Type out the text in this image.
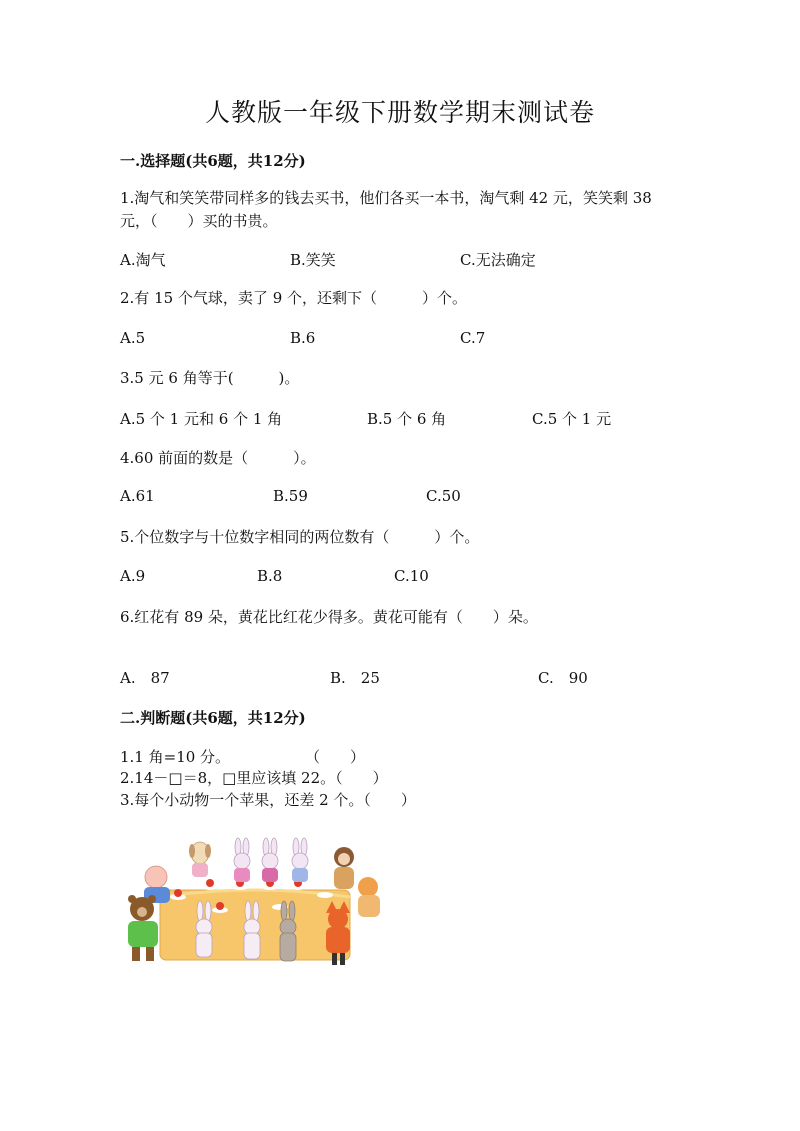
人教版一年级下册数学期末测试卷
一.选择题(共6题，共12分)
1.淘气和笑笑带同样多的钱去买书，他们各买一本书，淘气剩 42 元，笑笑剩 38 元，（　　）买的书贵。
A.淘气	B.笑笑	C.无法确定
2.有 15 个气球，卖了 9 个，还剩下（　　　）个。
A.5	B.6	C.7
3.5 元 6 角等于(　　　)。
A.5 个 1 元和 6 个 1 角	B.5 个 6 角	C.5 个 1 元
4.60 前面的数是（　　　）。
A.61	B.59	C.50
5.个位数字与十位数字相同的两位数有（　　　）个。
A.9	B.8	C.10
6.红花有 89 朵，黄花比红花少得多。黄花可能有（　　）朵。
A.　87	B.　25	C.　90
二.判断题(共6题，共12分)
1.1 角=10 分。　　　　　　（　　）
2.14－□＝8，□里应该填 22。（　　）
3.每个小动物一个苹果，还差 2 个。（　　）
